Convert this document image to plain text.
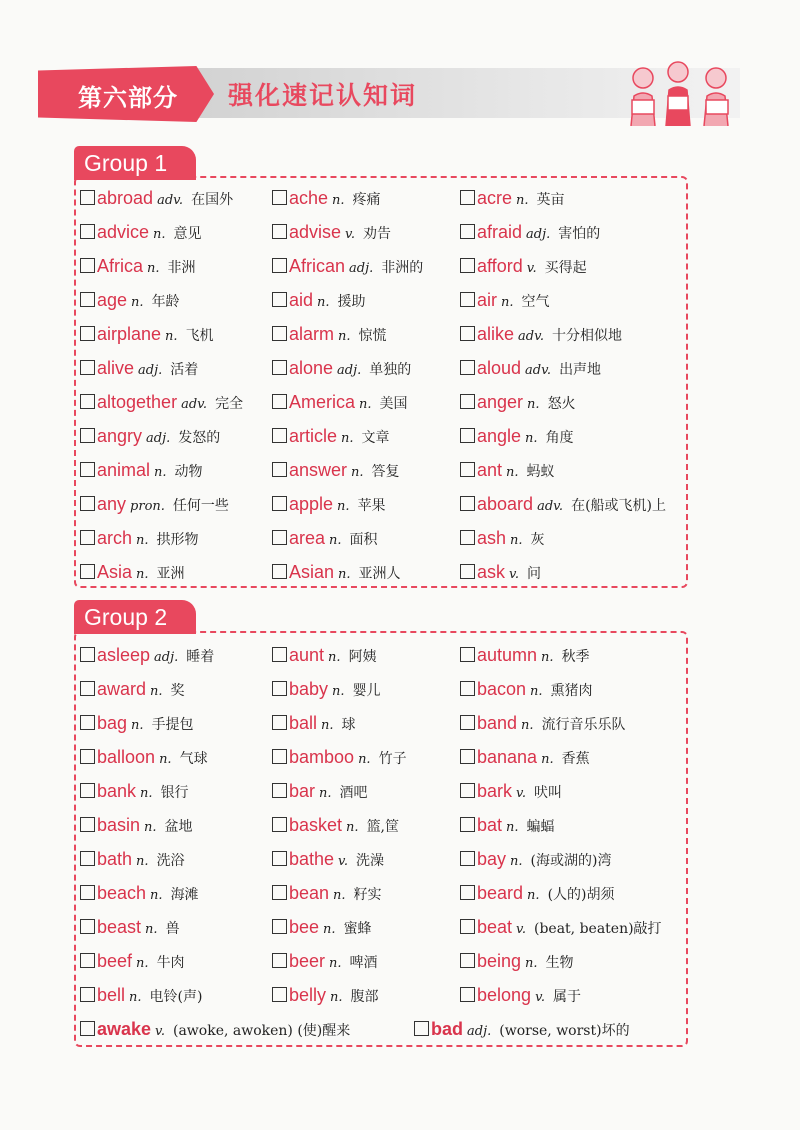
第六部分 强化速记认知词
Group 1
Group 2
abroad adv. 在国外	ache n. 疼痛	acre n. 英亩
advice n. 意见	advise v. 劝告	afraid adj. 害怕的
Africa n. 非洲	African adj. 非洲的	afford v. 买得起
age n. 年龄	aid n. 援助	air n. 空气
airplane n. 飞机	alarm n. 惊慌	alike adv. 十分相似地
alive adj. 活着	alone adj. 单独的	aloud adv. 出声地
altogether adv. 完全	America n. 美国	anger n. 怒火
angry adj. 发怒的	article n. 文章	angle n. 角度
animal n. 动物	answer n. 答复	ant n. 蚂蚁
any pron. 任何一些	apple n. 苹果	aboard adv. 在(船或飞机)上
arch n. 拱形物	area n. 面积	ash n. 灰
Asia n. 亚洲	Asian n. 亚洲人	ask v. 问
asleep adj. 睡着	aunt n. 阿姨	autumn n. 秋季
award n. 奖	baby n. 婴儿	bacon n. 熏猪肉
bag n. 手提包	ball n. 球	band n. 流行音乐乐队
balloon n. 气球	bamboo n. 竹子	banana n. 香蕉
bank n. 银行	bar n. 酒吧	bark v. 吠叫
basin n. 盆地	basket n. 篮,筐	bat n. 蝙蝠
bath n. 洗浴	bathe v. 洗澡	bay n. (海或湖的)湾
beach n. 海滩	bean n. 籽实	beard n. (人的)胡须
beast n. 兽	bee n. 蜜蜂	beat v. (beat, beaten)敲打
beef n. 牛肉	beer n. 啤酒	being n. 生物
bell n. 电铃(声)	belly n. 腹部	belong v. 属于
awake v. (awoke, awoken) (使)醒来	bad adj. (worse, worst)坏的
